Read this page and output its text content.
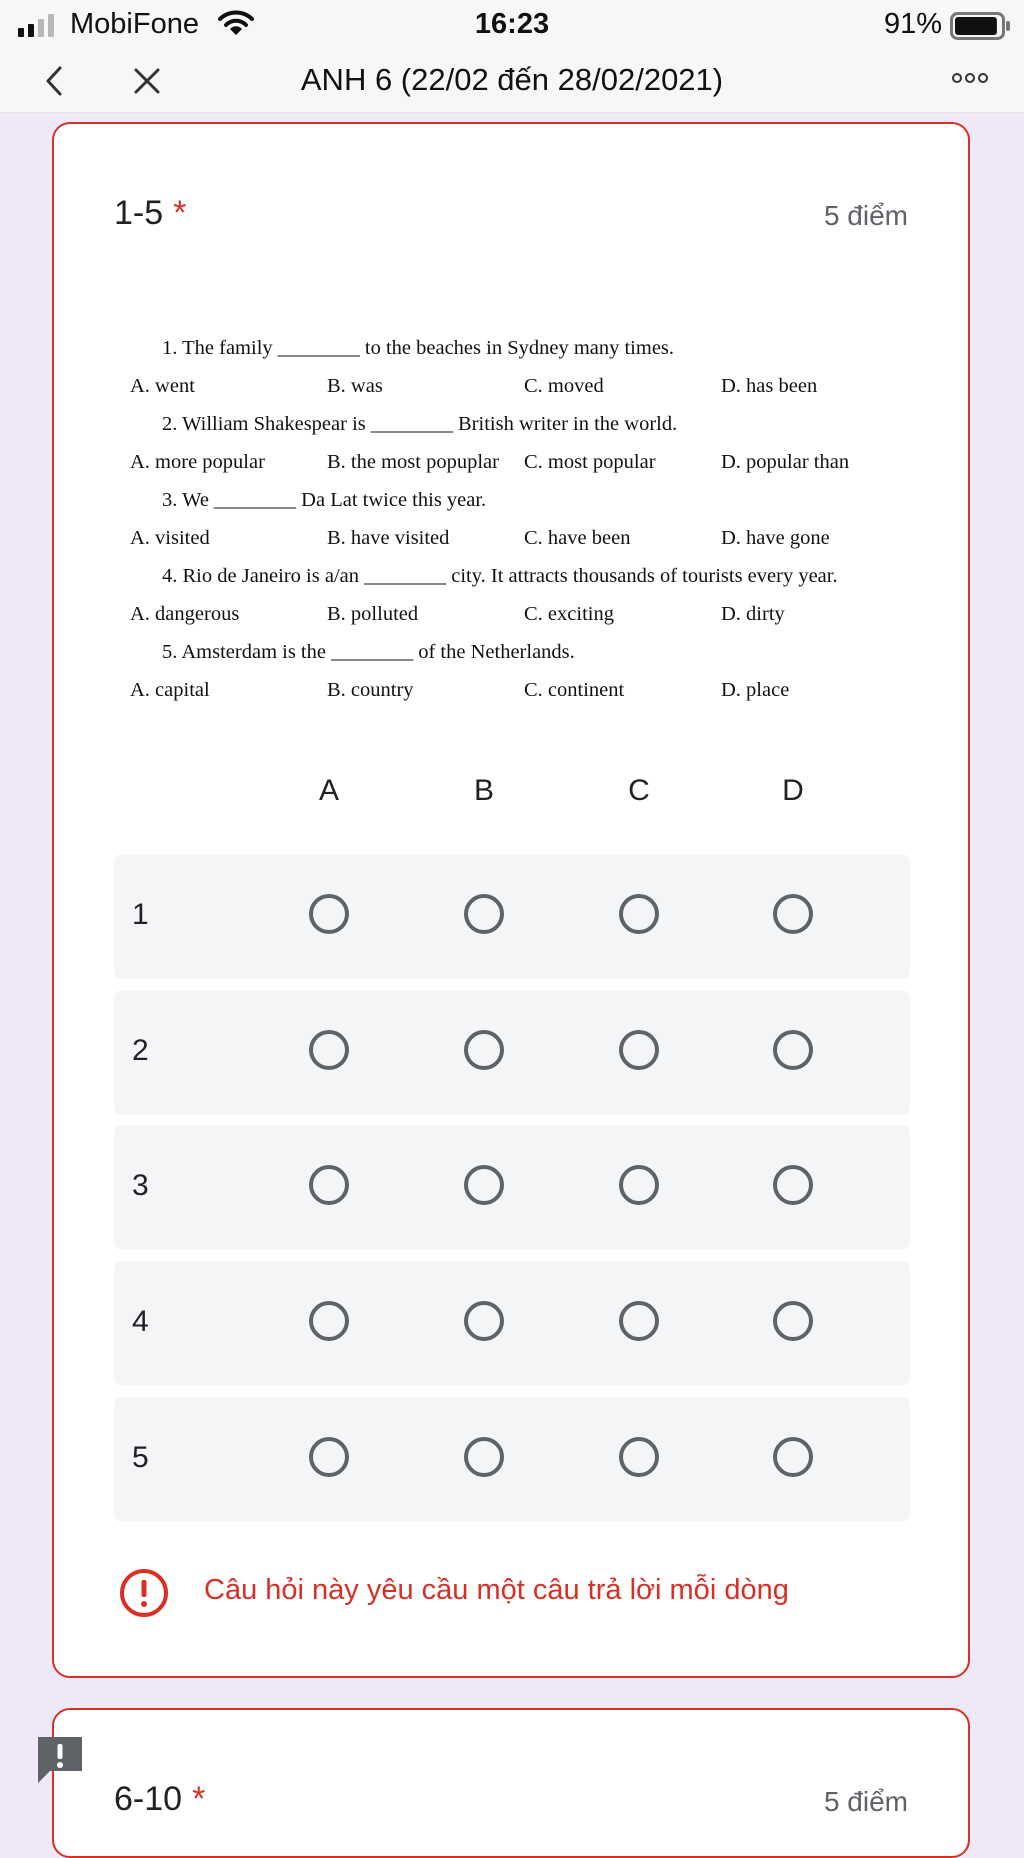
MobiFone	16:23	91%
ANH 6 (22/02 đến 28/02/2021)
1-5 *	5 điểm
1. The family ________ to the beaches in Sydney many times.
A. went	B. was	C. moved	D. has been
2. William Shakespear is ________ British writer in the world.
A. more popular	B. the most popuplar	C. most popular	D. popular than
3. We ________ Da Lat twice this year.
A. visited	B. have visited	C. have been	D. have gone
4. Rio de Janeiro is a/an ________ city. It attracts thousands of tourists every year.
A. dangerous	B. polluted	C. exciting	D. dirty
5. Amsterdam is the ________ of the Netherlands.
A. capital	B. country	C. continent	D. place
A	B	C	D
1
2
3
4
5
Câu hỏi này yêu cầu một câu trả lời mỗi dòng
6-10 *	5 điểm
